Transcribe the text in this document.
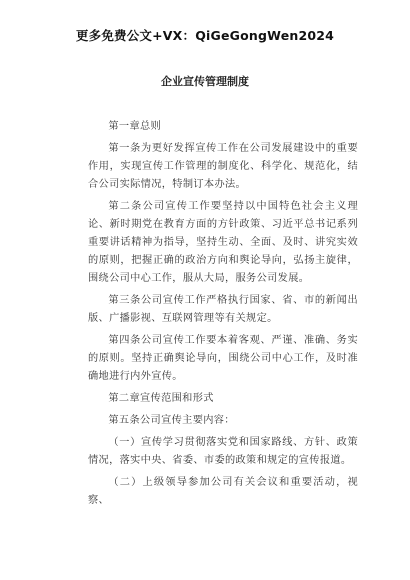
更多免费公文+VX：QiGeGongWen2024
企业宣传管理制度

第一章总则

第一条为更好发挥宣传工作在公司发展建设中的重要作用，实现宣传工作管理的制度化、科学化、规范化，结合公司实际情况，特制订本办法。

第二条公司宣传工作要坚持以中国特色社会主义理论、新时期党在教育方面的方针政策、习近平总书记系列重要讲话精神为指导，坚持生动、全面、及时、讲究实效的原则，把握正确的政治方向和舆论导向，弘扬主旋律，围绕公司中心工作，服从大局，服务公司发展。

第三条公司宣传工作严格执行国家、省、市的新闻出版、广播影视、互联网管理等有关规定。

第四条公司宣传工作要本着客观、严谨、准确、务实的原则。坚持正确舆论导向，围绕公司中心工作，及时准确地进行内外宣传。

第二章宣传范围和形式

第五条公司宣传主要内容：

（一）宣传学习贯彻落实党和国家路线、方针、政策情况，落实中央、省委、市委的政策和规定的宣传报道。

（二）上级领导参加公司有关会议和重要活动，视察、
